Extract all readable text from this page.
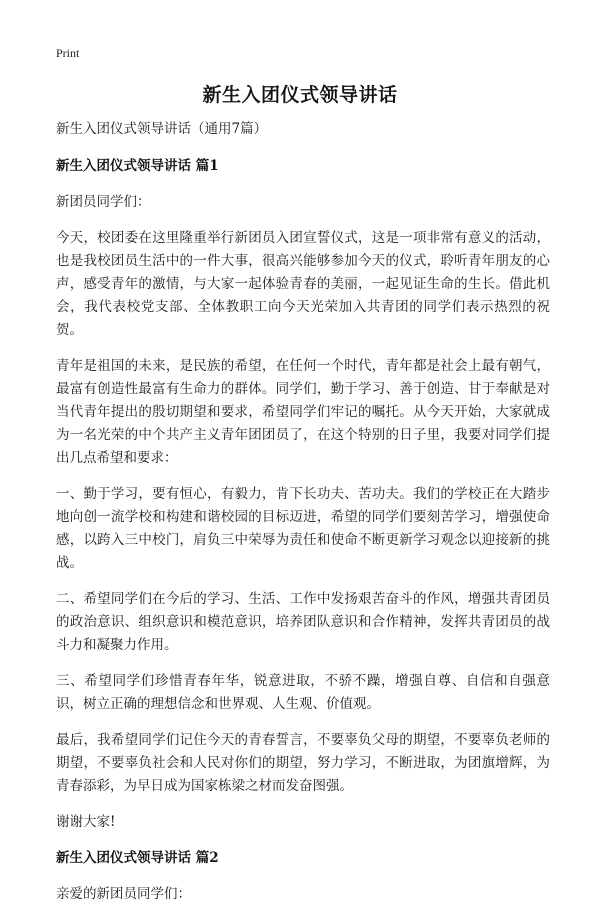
Print
新生入团仪式领导讲话

新生入团仪式领导讲话（通用7篇）

新生入团仪式领导讲话 篇1

新团员同学们：

今天，校团委在这里隆重举行新团员入团宣誓仪式，这是一项非常有意义的活动，也是我校团员生活中的一件大事，很高兴能够参加今天的仪式，聆听青年朋友的心声，感受青年的激情，与大家一起体验青春的美丽，一起见证生命的生长。借此机会，我代表校党支部、全体教职工向今天光荣加入共青团的同学们表示热烈的祝贺。

青年是祖国的未来，是民族的希望，在任何一个时代，青年都是社会上最有朝气，最富有创造性最富有生命力的群体。同学们，勤于学习、善于创造、甘于奉献是对当代青年提出的殷切期望和要求，希望同学们牢记的嘱托。从今天开始，大家就成为一名光荣的中个共产主义青年团团员了，在这个特别的日子里，我要对同学们提出几点希望和要求：

一、勤于学习，要有恒心，有毅力，肯下长功夫、苦功夫。我们的学校正在大踏步地向创一流学校和构建和谐校园的目标迈进，希望的同学们要刻苦学习，增强使命感，以跨入三中校门，肩负三中荣辱为责任和使命不断更新学习观念以迎接新的挑战。

二、希望同学们在今后的学习、生活、工作中发扬艰苦奋斗的作风，增强共青团员的政治意识、组织意识和模范意识，培养团队意识和合作精神，发挥共青团员的战斗力和凝聚力作用。

三、希望同学们珍惜青春年华，锐意进取，不骄不躁，增强自尊、自信和自强意识，树立正确的理想信念和世界观、人生观、价值观。

最后，我希望同学们记住今天的青春誓言，不要辜负父母的期望，不要辜负老师的期望，不要辜负社会和人民对你们的期望，努力学习，不断进取，为团旗增辉，为青春添彩，为早日成为国家栋梁之材而发奋图强。

谢谢大家!

新生入团仪式领导讲话 篇2

亲爱的新团员同学们：
